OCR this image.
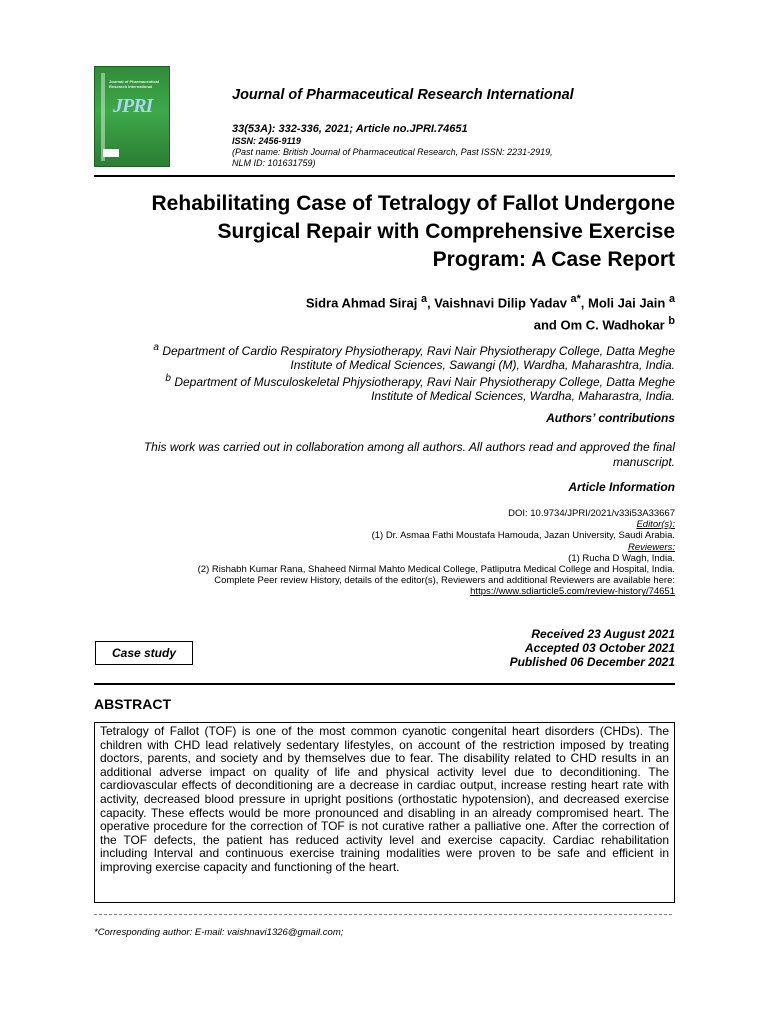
Journal of Pharmaceutical Research International
JPRI	Journal of Pharmaceutical Research International
33(53A): 332-336, 2021; Article no.JPRI.74651
ISSN: 2456-9119
(Past name: British Journal of Pharmaceutical Research, Past ISSN: 2231-2919,
NLM ID: 101631759)
Rehabilitating Case of Tetralogy of Fallot Undergone
Surgical Repair with Comprehensive Exercise
Program: A Case Report
Sidra Ahmad Siraj $^a$, Vaishnavi Dilip Yadav $^{a*}$, Moli Jai Jain $^a$
and Om C. Wadhokar $^b$
$^a$ Department of Cardio Respiratory Physiotherapy, Ravi Nair Physiotherapy College, Datta Meghe
Institute of Medical Sciences, Sawangi (M), Wardha, Maharashtra, India.
$^b$ Department of Musculoskeletal Phjysiotherapy, Ravi Nair Physiotherapy College, Datta Meghe
Institute of Medical Sciences, Wardha, Maharastra, India.
Authors’ contributions
This work was carried out in collaboration among all authors. All authors read and approved the final
manuscript.
Article Information
DOI: 10.9734/JPRI/2021/v33i53A33667
Editor(s):
(1) Dr. Asmaa Fathi Moustafa Hamouda, Jazan University, Saudi Arabia.
Reviewers:
(1) Rucha D Wagh, India.
(2) Rishabh Kumar Rana, Shaheed Nirmal Mahto Medical College, Patliputra Medical College and Hospital, India.
Complete Peer review History, details of the editor(s), Reviewers and additional Reviewers are available here:
https://www.sdiarticle5.com/review-history/74651
Case study
Received 23 August 2021
Accepted 03 October 2021
Published 06 December 2021
ABSTRACT
Tetralogy of Fallot (TOF) is one of the most common cyanotic congenital heart disorders (CHDs). The children with CHD lead relatively sedentary lifestyles, on account of the restriction imposed by treating doctors, parents, and society and by themselves due to fear. The disability related to CHD results in an additional adverse impact on quality of life and physical activity level due to deconditioning. The cardiovascular effects of deconditioning are a decrease in cardiac output, increase resting heart rate with activity, decreased blood pressure in upright positions (orthostatic hypotension), and decreased exercise capacity. These effects would be more pronounced and disabling in an already compromised heart. The operative procedure for the correction of TOF is not curative rather a palliative one. After the correction of the TOF defects, the patient has reduced activity level and exercise capacity. Cardiac rehabilitation including Interval and continuous exercise training modalities were proven to be safe and efficient in improving exercise capacity and functioning of the heart.
*Corresponding author: E-mail: vaishnavi1326@gmail.com;
